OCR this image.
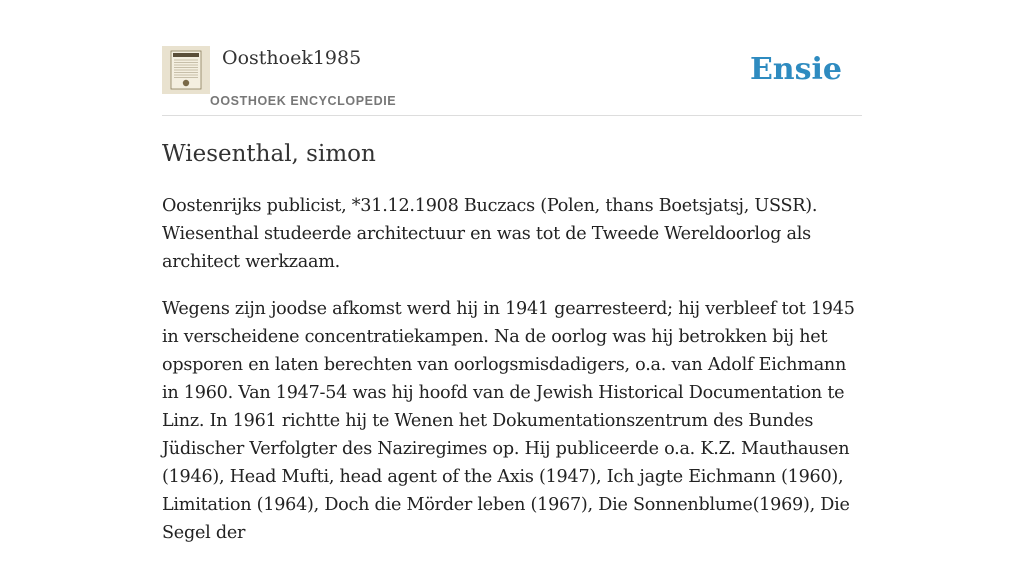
Oosthoek1985
OOSTHOEK ENCYCLOPEDIE
Ensie
Wiesenthal, simon

Oostenrijks publicist, *31.12.1908 Buczacs (Polen, thans Boetsjatsj, USSR). Wiesenthal studeerde architectuur en was tot de Tweede Wereldoorlog als architect werkzaam.

Wegens zijn joodse afkomst werd hij in 1941 gearresteerd; hij verbleef tot 1945 in verscheidene concentratiekampen. Na de oorlog was hij betrokken bij het opsporen en laten berechten van oorlogsmisdadigers, o.a. van Adolf Eichmann in 1960. Van 1947-54 was hij hoofd van de Jewish Historical Documentation te Linz. In 1961 richtte hij te Wenen het Dokumentationszentrum des Bundes Jüdischer Verfolgter des Naziregimes op. Hij publiceerde o.a. K.Z. Mauthausen (1946), Head Mufti, head agent of the Axis (1947), Ich jagte Eichmann (1960), Limitation (1964), Doch die Mörder leben (1967), Die Sonnenblume(1969), Die Segel der
